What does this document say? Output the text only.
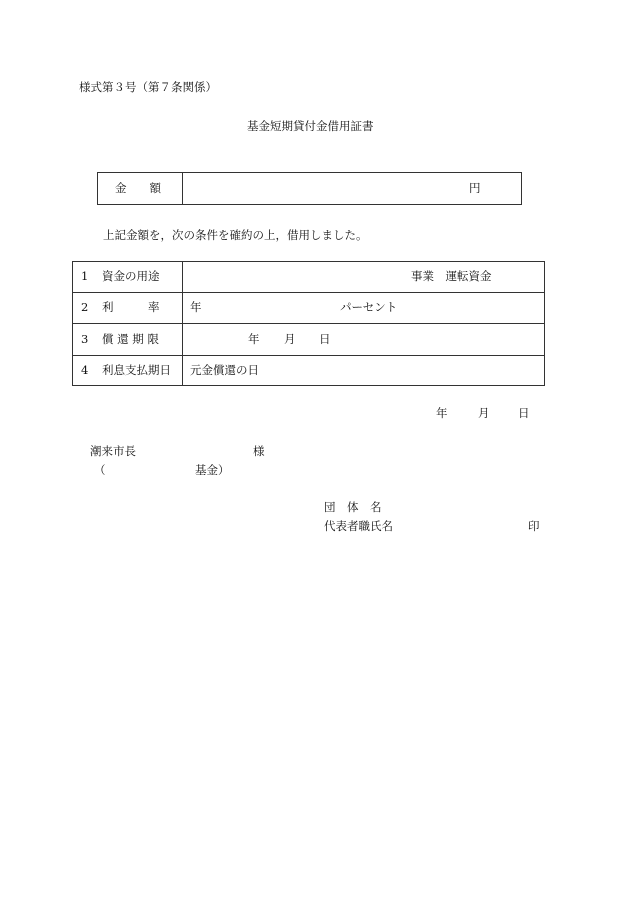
様式第３号（第７条関係）
基金短期貸付金借用証書
金　　額	円
上記金額を，次の条件を確約の上，借用しました。
1 資金の用途	事業　運転資金
2 利　　　率	年	パーセント
3 償 還 期 限	年 月 日
4 利息支払期日 元金償還の日
年	月 日
潮来市長	様
（	基金）
団　体　名
代表者職氏名	印
